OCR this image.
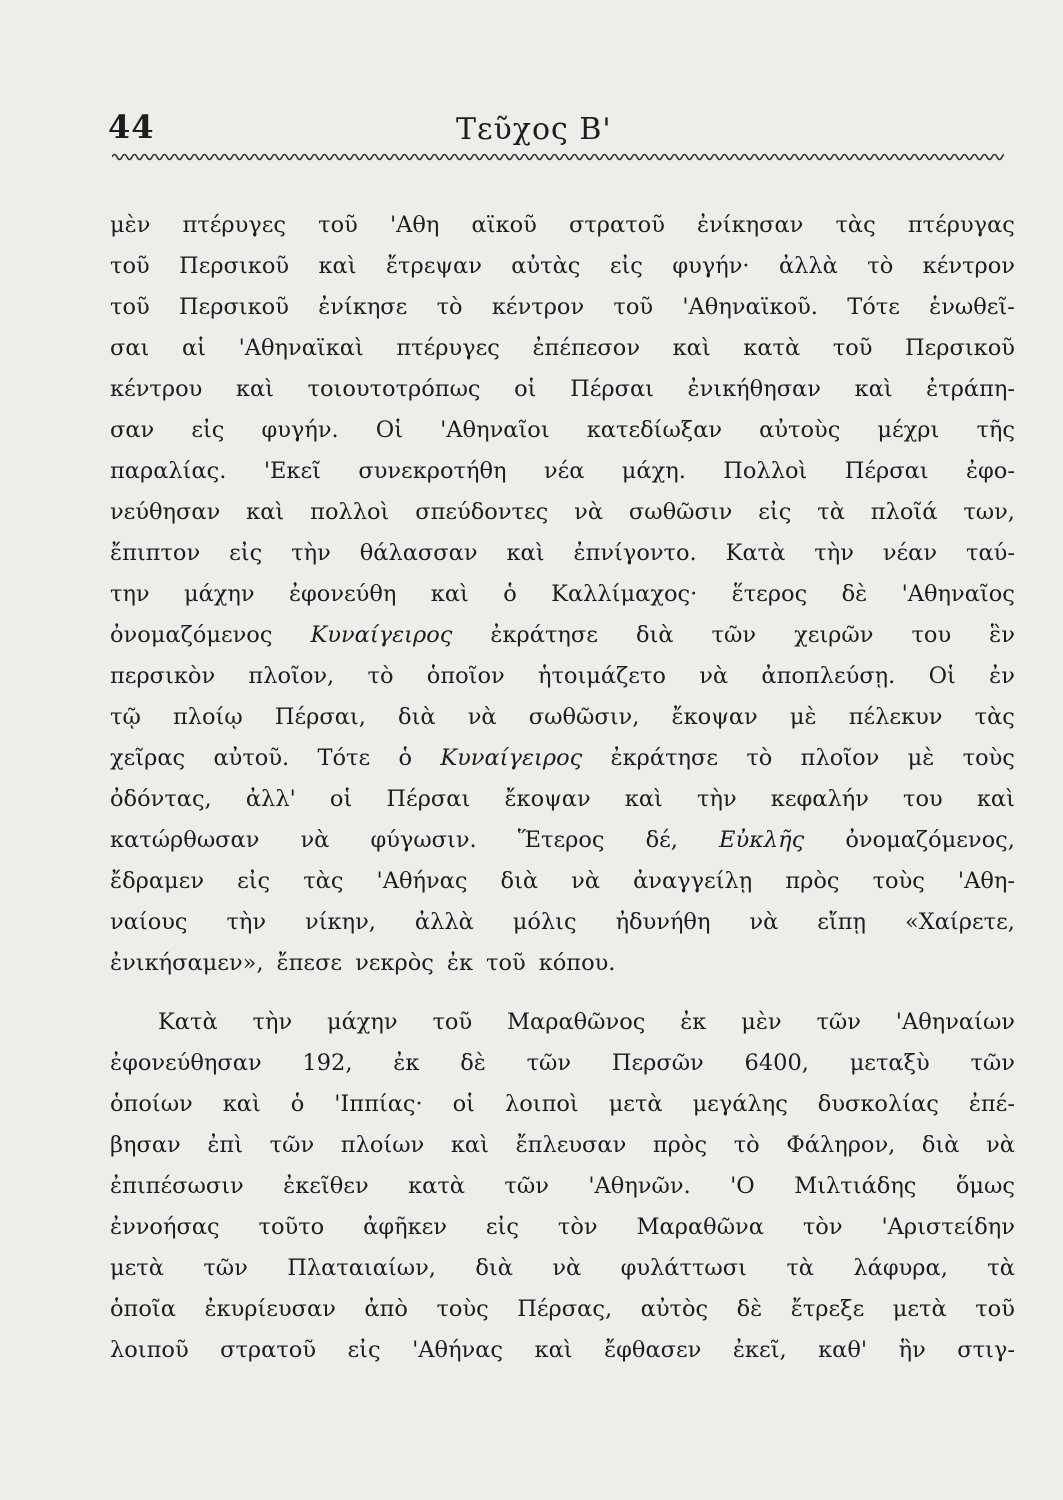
44	Τεῦχος Β'
μὲν πτέρυγες τοῦ 'Αθη αϊκοῦ στρατοῦ ἐνίκησαν τὰς πτέρυγας
τοῦ Περσικοῦ καὶ ἔτρεψαν αὐτὰς εἰς φυγήν· ἀλλὰ τὸ κέντρον
τοῦ Περσικοῦ ἐνίκησε τὸ κέντρον τοῦ 'Αθηναϊκοῦ. Τότε ἑνωθεῖ-
σαι αἱ 'Αθηναϊκαὶ πτέρυγες ἐπέπεσον καὶ κατὰ τοῦ Περσικοῦ
κέντρου καὶ τοιουτοτρόπως οἱ Πέρσαι ἐνικήθησαν καὶ ἐτράπη-
σαν εἰς φυγήν. Οἱ 'Αθηναῖοι κατεδίωξαν αὐτοὺς μέχρι τῆς
παραλίας. 'Εκεῖ συνεκροτήθη νέα μάχη. Πολλοὶ Πέρσαι ἐφο-
νεύθησαν καὶ πολλοὶ σπεύδοντες νὰ σωθῶσιν εἰς τὰ πλοῖά των,
ἔπιπτον εἰς τὴν θάλασσαν καὶ ἐπνίγοντο. Κατὰ τὴν νέαν ταύ-
την μάχην ἐφονεύθη καὶ ὁ Καλλίμαχος· ἕτερος δὲ 'Αθηναῖος
ὀνομαζόμενος Κυναίγειρος ἐκράτησε διὰ τῶν χειρῶν του ἓν
περσικὸν πλοῖον, τὸ ὁποῖον ἡτοιμάζετο νὰ ἀποπλεύσῃ. Οἱ ἐν
τῷ πλοίῳ Πέρσαι, διὰ νὰ σωθῶσιν, ἔκοψαν μὲ πέλεκυν τὰς
χεῖρας αὐτοῦ. Τότε ὁ Κυναίγειρος ἐκράτησε τὸ πλοῖον μὲ τοὺς
ὀδόντας, ἀλλ' οἱ Πέρσαι ἔκοψαν καὶ τὴν κεφαλήν του καὶ
κατώρθωσαν νὰ φύγωσιν. Ἕτερος δέ, Εὐκλῆς ὀνομαζόμενος,
ἔδραμεν εἰς τὰς 'Αθήνας διὰ νὰ ἀναγγείλῃ πρὸς τοὺς 'Αθη-
ναίους τὴν νίκην, ἀλλὰ μόλις ἠδυνήθη νὰ εἴπῃ «Χαίρετε,
ἐνικήσαμεν», ἔπεσε νεκρὸς ἐκ τοῦ κόπου.
Κατὰ τὴν μάχην τοῦ Μαραθῶνος ἐκ μὲν τῶν 'Αθηναίων
ἐφονεύθησαν 192, ἐκ δὲ τῶν Περσῶν 6400, μεταξὺ τῶν
ὁποίων καὶ ὁ 'Ιππίας· οἱ λοιποὶ μετὰ μεγάλης δυσκολίας ἐπέ-
βησαν ἐπὶ τῶν πλοίων καὶ ἔπλευσαν πρὸς τὸ Φάληρον, διὰ νὰ
ἐπιπέσωσιν ἐκεῖθεν κατὰ τῶν 'Αθηνῶν. 'Ο Μιλτιάδης ὅμως
ἐννοήσας τοῦτο ἀφῆκεν εἰς τὸν Μαραθῶνα τὸν 'Αριστείδην
μετὰ τῶν Πλαταιαίων, διὰ νὰ φυλάττωσι τὰ λάφυρα, τὰ
ὁποῖα ἐκυρίευσαν ἀπὸ τοὺς Πέρσας, αὐτὸς δὲ ἔτρεξε μετὰ τοῦ
λοιποῦ στρατοῦ εἰς 'Αθήνας καὶ ἔφθασεν ἐκεῖ, καθ' ἣν στιγ-
